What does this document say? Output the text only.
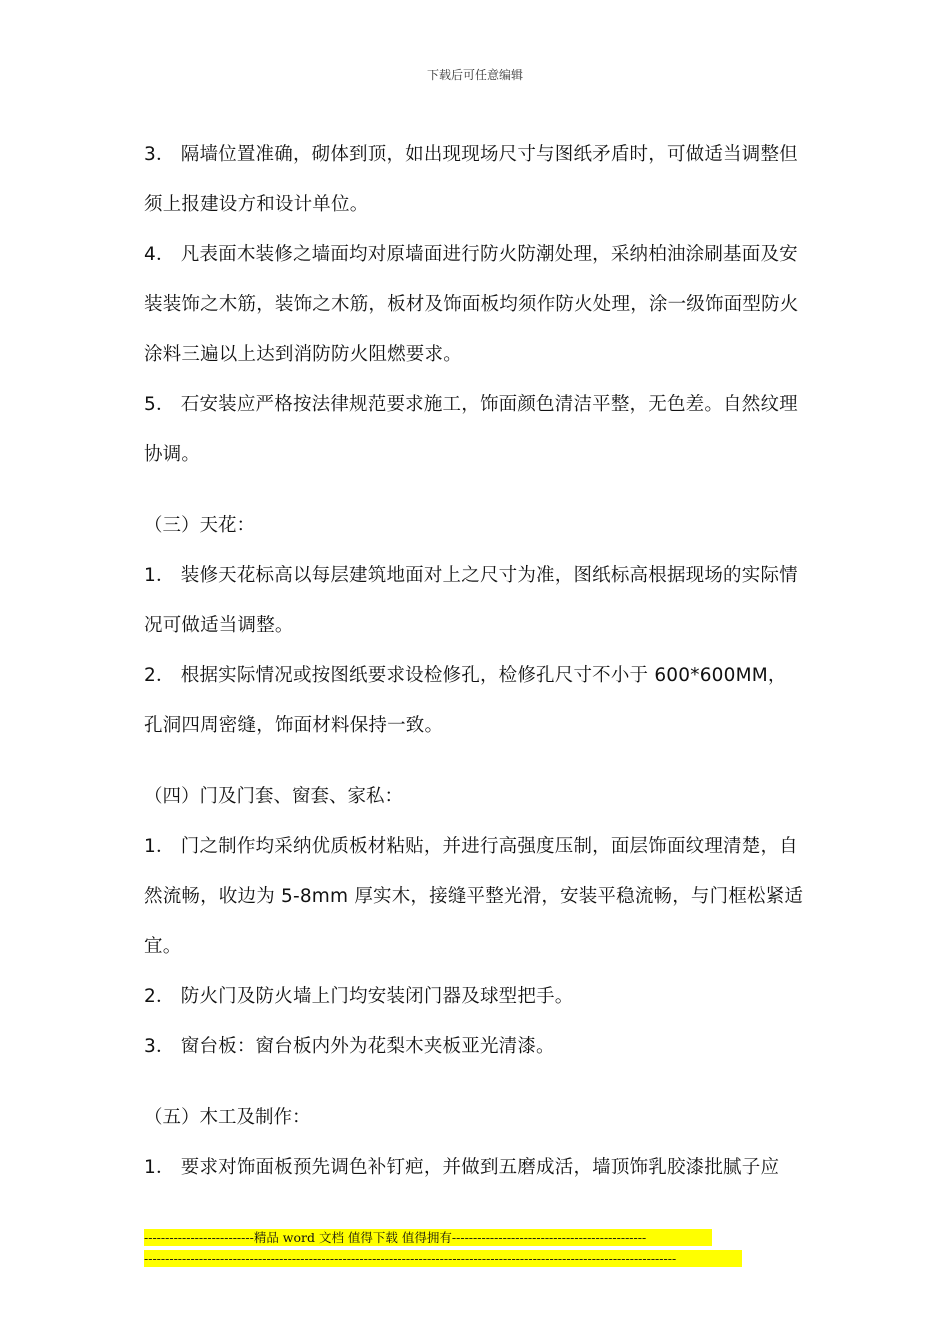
下载后可任意编辑

3． 隔墙位置准确，砌体到顶，如出现现场尺寸与图纸矛盾时，可做适当调整但须上报建设方和设计单位。

4． 凡表面木装修之墙面均对原墙面进行防火防潮处理，采纳柏油涂刷基面及安装装饰之木筋，装饰之木筋，板材及饰面板均须作防火处理，涂一级饰面型防火涂料三遍以上达到消防防火阻燃要求。

5． 石安装应严格按法律规范要求施工，饰面颜色清洁平整，无色差。自然纹理协调。

（三）天花：

1． 装修天花标高以每层建筑地面对上之尺寸为准，图纸标高根据现场的实际情况可做适当调整。

2． 根据实际情况或按图纸要求设检修孔，检修孔尺寸不小于 600*600MM，孔洞四周密缝，饰面材料保持一致。

（四）门及门套、窗套、家私：

1． 门之制作均采纳优质板材粘贴，并进行高强度压制，面层饰面纹理清楚，自然流畅，收边为 5-8mm 厚实木，接缝平整光滑，安装平稳流畅，与门框松紧适宜。

2． 防火门及防火墙上门均安装闭门器及球型把手。

3． 窗台板：窗台板内外为花梨木夹板亚光清漆。

（五）木工及制作：

1． 要求对饰面板预先调色补钉疤，并做到五磨成活，墙顶饰乳胶漆批腻子应

--------------------------精品 word 文档 值得下载 值得拥有----------------------------------------------
------------------------------------------------------------------------------------------------------------------------------
